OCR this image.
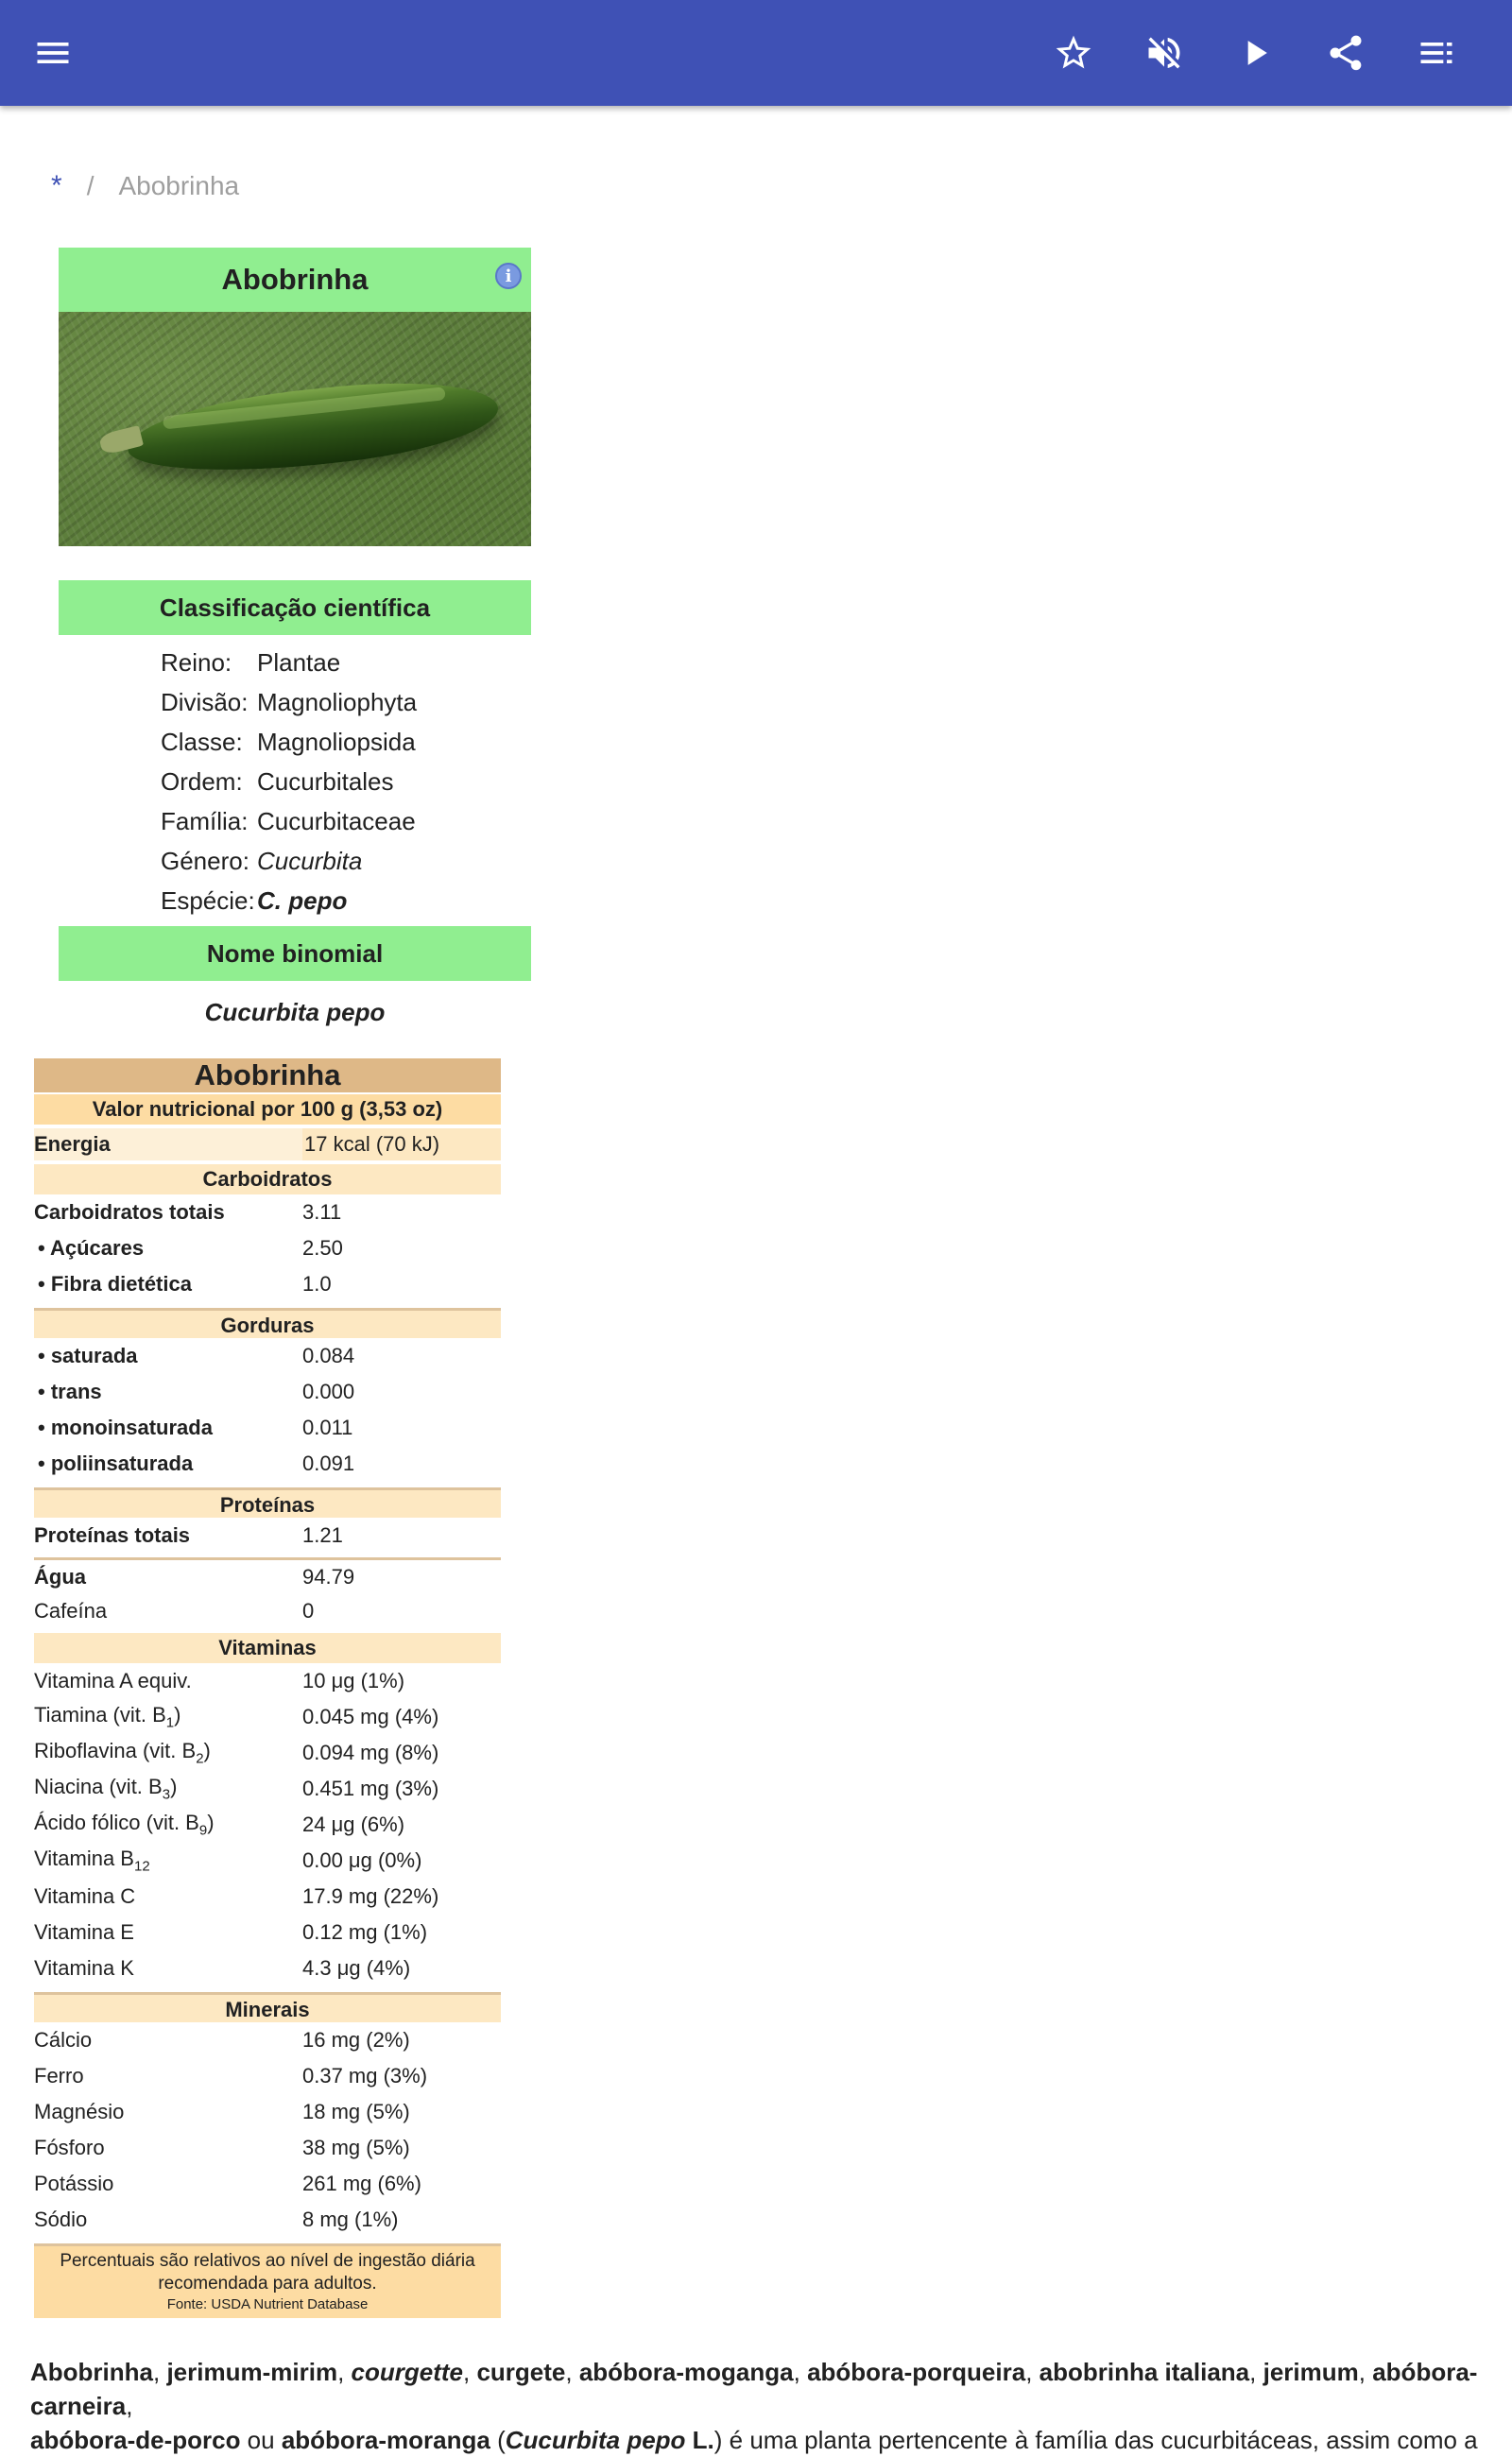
* / Abobrinha
Abobrinha	i
Classificação científica
Reino:	Plantae
Divisão: Magnoliophyta
Classe: Magnoliopsida
Ordem: Cucurbitales
Família: Cucurbitaceae
Género: Cucurbita
Espécie: C. pepo
Nome binomial
Cucurbita pepo
Abobrinha
Valor nutricional por 100 g (3,53 oz)
Energia	17 kcal (70 kJ)
Carboidratos
Carboidratos totais	3.11
• Açúcares	2.50
• Fibra dietética	1.0
Gorduras
• saturada	0.084
• trans	0.000
• monoinsaturada	0.011
• poliinsaturada	0.091
Proteínas
Proteínas totais	1.21
Água	94.79
Cafeína	0
Vitaminas
Vitamina A equiv.	10 μg (1%)
Tiamina (vit. $B_1$)	0.045 mg (4%)
Riboflavina (vit. $B_2$)	0.094 mg (8%)
Niacina (vit. $B_3$)	0.451 mg (3%)
Ácido fólico (vit. $B_9$)	24 μg (6%)
Vitamina $B_{12}$	0.00 μg (0%)
Vitamina C	17.9 mg (22%)
Vitamina E	0.12 mg (1%)
Vitamina K	4.3 μg (4%)
Minerais
Cálcio	16 mg (2%)
Ferro	0.37 mg (3%)
Magnésio	18 mg (5%)
Fósforo	38 mg (5%)
Potássio	261 mg (6%)
Sódio	8 mg (1%)
Percentuais são relativos ao nível de ingestão diária recomendada para adultos.
Fonte: USDA Nutrient Database
Abobrinha, jerimum-mirim, courgette, curgete, abóbora-moganga, abóbora-porqueira, abobrinha italiana, jerimum, abóbora-carneira,
abóbora-de-porco ou abóbora-moranga (Cucurbita pepo L.) é uma planta pertencente à família das cucurbitáceas, assim como a
